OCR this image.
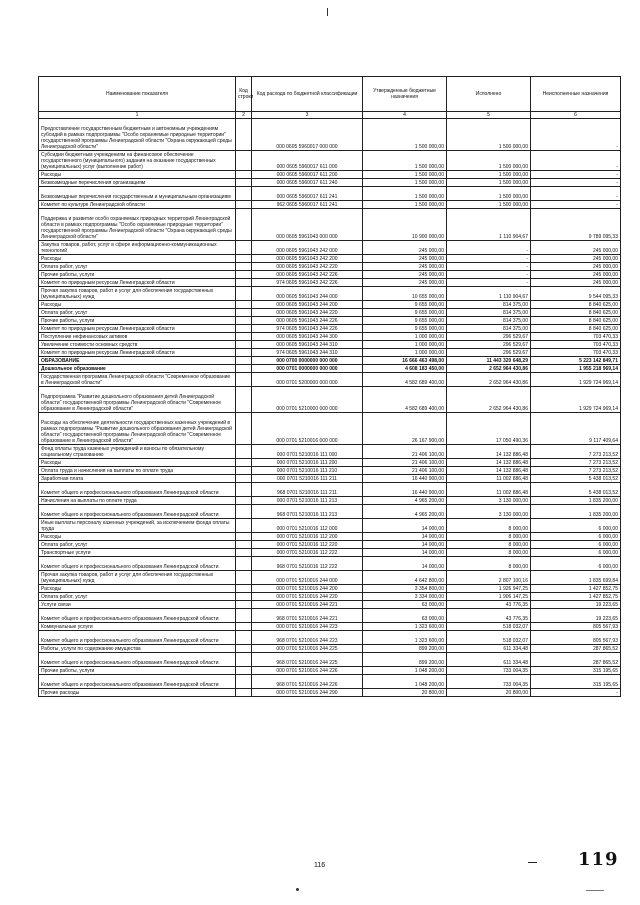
Наименование показателя	Код строки	Код расхода по бюджетной классификации	Утвержденные бюджетные назначения	Исполнено	Неисполненные назначения
1	2	3	4	5	6
Предоставление государственным бюджетным и автономным учреждениям субсидий в рамках подпрограммы "Особо охраняемые природные территории" государственной программы Ленинградской области "Охрана окружающей среды Ленинградской области"		000 0605 5960017 000 000	1 500 000,00	1 500 000,00	-
Субсидии бюджетным учреждениям на финансовое обеспечение государственного (муниципального) задания на оказание государственных (муниципальных) услуг (выполнение работ)		000 0605 5960017 611 000	1 500 000,00	1 500 000,00	-
Расходы		000 0605 5960017 611 200	1 500 000,00	1 500 000,00	-
Безвозмездные перечисления организациям		000 0605 5960017 611 240	1 500 000,00	1 500 000,00	-
Безвозмездные перечисления государственным и муниципальным организациям		000 0605 5960017 611 241	1 500 000,00	1 500 000,00	-
Комитет по культуре Ленинградской области		962 0605 5960017 611 241	1 500 000,00	1 500 000,00	-
Поддержка и развитие особо охраняемых природных территорий Ленинградской области в рамках подпрограммы "Особо охраняемые природные территории" государственной программы Ленинградской области "Охрана окружающей среды Ленинградской области"		000 0605 5961043 000 000	10 900 000,00	1 110 904,67	9 789 095,33
Закупка товаров, работ, услуг в сфере информационно-коммуникационных технологий		000 0605 5961043 242 000	245 000,00	-	245 000,00
Расходы		000 0605 5961043 242 200	245 000,00	-	245 000,00
Оплата работ, услуг		000 0605 5961043 242 220	245 000,00	-	245 000,00
Прочие работы, услуги		000 0605 5961043 242 226	245 000,00	-	245 000,00
Комитет по природным ресурсам Ленинградской области		974 0605 5961043 242 226	245 000,00	-	245 000,00
Прочая закупка товаров, работ и услуг для обеспечения государственных (муниципальных) нужд		000 0605 5961043 244 000	10 655 000,00	1 110 904,67	9 544 095,33
Расходы		000 0605 5961043 244 200	9 655 000,00	814 375,00	8 840 625,00
Оплата работ, услуг		000 0605 5961043 244 220	9 655 000,00	814 375,00	8 840 625,00
Прочие работы, услуги		000 0605 5961043 244 226	9 655 000,00	814 375,00	8 840 625,00
Комитет по природным ресурсам Ленинградской области		974 0605 5961043 244 226	9 655 000,00	814 375,00	8 840 625,00
Поступление нефинансовых активов		000 0605 5961043 244 300	1 000 000,00	296 529,67	703 470,33
Увеличение стоимости основных средств		000 0605 5961043 244 310	1 000 000,00	296 529,67	703 470,33
Комитет по природным ресурсам Ленинградской области		974 0605 5961043 244 310	1 000 000,00	296 529,67	703 470,33
ОБРАЗОВАНИЕ		000 0700 0000000 000 000	16 666 463 498,00	11 443 320 648,29	5 223 142 849,71
Дошкольное образование		000 0701 0000000 000 000	4 608 183 450,00	2 652 964 430,86	1 955 218 969,14
Государственная программа Ленинградской области "Современное образование в Ленинградской области"		000 0701 5200000 000 000	4 582 689 400,00	2 652 964 430,86	1 929 724 969,14
Подпрограмма "Развитие дошкольного образования детей Ленинградской области" государственной программы Ленинградской области "Современное образование в Ленинградской области"		000 0701 5210000 000 000	4 582 689 400,00	2 652 964 430,86	1 929 724 969,14
Расходы на обеспечение деятельности государственных казенных учреждений в рамках подпрограммы "Развитие дошкольного образования детей Ленинградской области" государственной программы Ленинградской области "Современное образование в Ленинградской области"		000 0701 5210016 000 000	26 167 900,00	17 050 490,36	9 117 409,64
Фонд оплаты труда казенных учреждений и взносы по обязательному социальному страхованию		000 0701 5210016 111 000	21 406 100,00	14 132 886,48	7 273 213,52
Расходы		000 0701 5210016 111 200	21 406 100,00	14 132 886,48	7 273 213,52
Оплата труда и начисления на выплаты по оплате труда		000 0701 5210016 111 210	21 406 100,00	14 132 886,48	7 273 213,52
Заработная плата		000 0701 5210016 111 211	16 440 900,00	11 002 886,48	5 438 013,52
Комитет общего и профессионального образования Ленинградской области		968 0701 5210016 111 211	16 440 900,00	11 002 886,48	5 438 013,52
Начисления на выплаты по оплате труда		000 0701 5210016 111 213	4 965 200,00	3 130 000,00	1 835 200,00
Комитет общего и профессионального образования Ленинградской области		968 0701 5210016 111 213	4 965 200,00	3 130 000,00	1 835 200,00
Иные выплаты персоналу казенных учреждений, за исключением фонда оплаты труда		000 0701 5210016 112 000	14 000,00	8 000,00	6 000,00
Расходы		000 0701 5210016 112 200	14 000,00	8 000,00	6 000,00
Оплата работ, услуг		000 0701 5210016 112 220	14 000,00	8 000,00	6 000,00
Транспортные услуги		000 0701 5210016 112 222	14 000,00	8 000,00	6 000,00
Комитет общего и профессионального образования Ленинградской области		968 0701 5210016 112 222	14 000,00	8 000,00	6 000,00
Прочая закупка товаров, работ и услуг для обеспечения государственных (муниципальных) нужд		000 0701 5210016 244 000	4 642 800,00	2 807 100,16	1 835 699,84
Расходы		000 0701 5210016 244 200	3 354 800,00	1 926 947,25	1 427 852,75
Оплата работ, услуг		000 0701 5210016 244 220	3 334 000,00	1 906 147,25	1 427 852,75
Услуги связи		000 0701 5210016 244 221	63 000,00	43 776,35	19 223,65
Комитет общего и профессионального образования Ленинградской области		968 0701 5210016 244 221	63 000,00	43 776,35	19 223,65
Коммунальные услуги		000 0701 5210016 244 223	1 323 600,00	518 032,07	805 567,93
Комитет общего и профессионального образования Ленинградской области		968 0701 5210016 244 223	1 323 600,00	518 032,07	805 567,93
Работы, услуги по содержанию имущества		000 0701 5210016 244 225	899 200,00	611 334,48	287 865,52
Комитет общего и профессионального образования Ленинградской области		968 0701 5210016 244 225	899 200,00	611 334,48	287 865,52
Прочие работы, услуги		000 0701 5210016 244 226	1 048 200,00	733 004,35	315 195,65
Комитет общего и профессионального образования Ленинградской области		968 0701 5210016 244 226	1 048 200,00	733 004,35	315 195,65
Прочие расходы		000 0701 5210016 244 290	20 800,00	20 800,00	-
116	119
